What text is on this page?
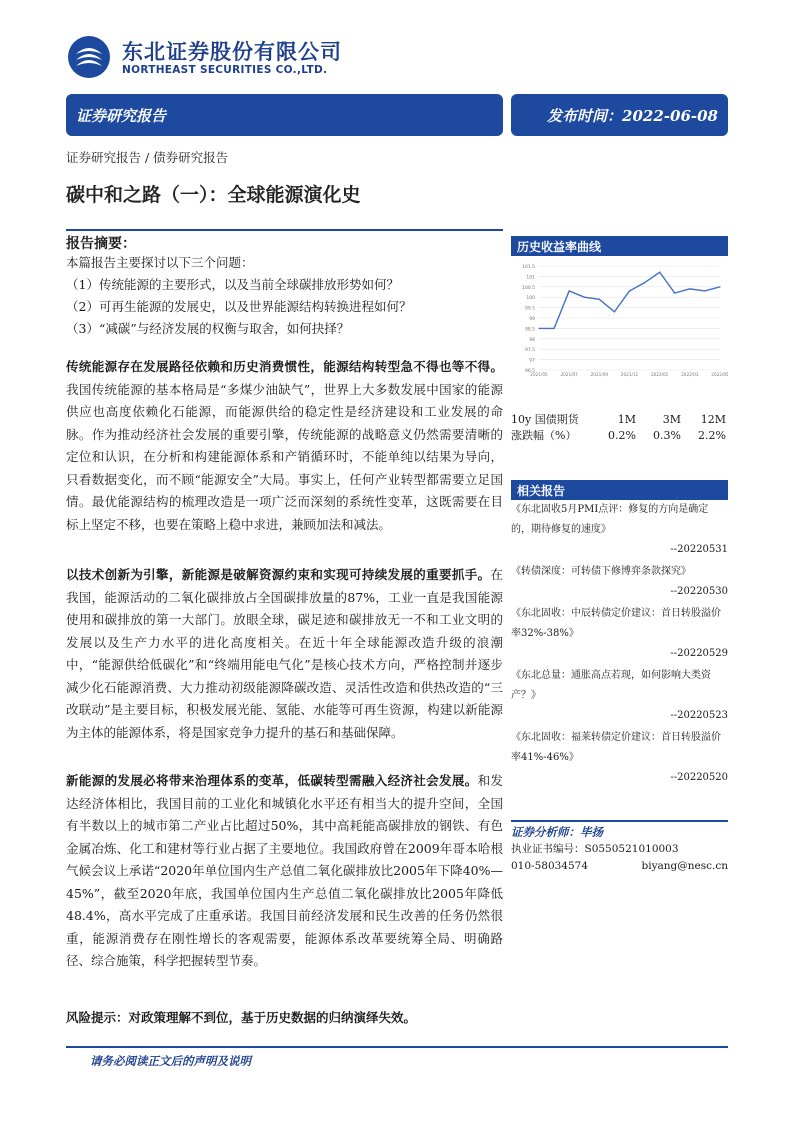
东北证券股份有限公司
NORTHEAST SECURITIES CO.,LTD.
证券研究报告	发布时间：2022-06-08
证券研究报告 / 债券研究报告
碳中和之路（一）：全球能源演化史
报告摘要：
本篇报告主要探讨以下三个问题：
（1）传统能源的主要形式，以及当前全球碳排放形势如何？
（2）可再生能源的发展史，以及世界能源结构转换进程如何？
（3）“减碳”与经济发展的权衡与取舍，如何抉择？
传统能源存在发展路径依赖和历史消费惯性，能源结构转型急不得也等不得。我国传统能源的基本格局是“多煤少油缺气”，世界上大多数发展中国家的能源供应也高度依赖化石能源，而能源供给的稳定性是经济建设和工业发展的命脉。作为推动经济社会发展的重要引擎，传统能源的战略意义仍然需要清晰的定位和认识，在分析和构建能源体系和产销循环时，不能单纯以结果为导向，只看数据变化，而不顾“能源安全”大局。事实上，任何产业转型都需要立足国情。最优能源结构的梳理改造是一项广泛而深刻的系统性变革，这既需要在目标上坚定不移，也要在策略上稳中求进，兼顾加法和减法。
以技术创新为引擎，新能源是破解资源约束和实现可持续发展的重要抓手。在我国，能源活动的二氧化碳排放占全国碳排放量的87%，工业一直是我国能源使用和碳排放的第一大部门。放眼全球，碳足迹和碳排放无一不和工业文明的发展以及生产力水平的进化高度相关。在近十年全球能源改造升级的浪潮中，“能源供给低碳化”和“终端用能电气化”是核心技术方向，严格控制并逐步减少化石能源消费、大力推动初级能源降碳改造、灵活性改造和供热改造的“三改联动”是主要目标，积极发展光能、氢能、水能等可再生资源，构建以新能源为主体的能源体系，将是国家竞争力提升的基石和基础保障。
新能源的发展必将带来治理体系的变革，低碳转型需融入经济社会发展。和发达经济体相比，我国目前的工业化和城镇化水平还有相当大的提升空间，全国有半数以上的城市第二产业占比超过50%，其中高耗能高碳排放的钢铁、有色金属冶炼、化工和建材等行业占据了主要地位。我国政府曾在2009年哥本哈根气候会议上承诺“2020年单位国内生产总值二氧化碳排放比2005年下降40%—45%”，截至2020年底，我国单位国内生产总值二氧化碳排放比2005年降低48.4%，高水平完成了庄重承诺。我国目前经济发展和民生改善的任务仍然很重，能源消费存在刚性增长的客观需要，能源体系改革要统筹全局、明确路径、综合施策，科学把握转型节奏。
风险提示：对政策理解不到位，基于历史数据的归纳演绎失效。
请务必阅读正文后的声明及说明
历史收益率曲线
96.5
97
97.5
98
98.5
99
99.5
100
100.5
101
101.5
2021/05	2021/07	2021/09	2021/11	2022/01	2022/03	2022/05
10y 国债期货	1M	3M	12M
涨跌幅（%）	0.2%	0.3%	2.2%
相关报告
《东北固收5月PMI点评：修复的方向是确定的，期待修复的速度》
--20220531
《转债深度：可转债下修博弈条款探究》
--20220530
《东北固收：中辰转债定价建议：首日转股溢价率32%-38%》
--20220529
《东北总量：通胀高点若现，如何影响大类资产？》
--20220523
《东北固收：福莱转债定价建议：首日转股溢价率41%-46%》
--20220520
证券分析师：毕扬
执业证书编号：S0550521010003
010-58034574	biyang@nesc.cn
